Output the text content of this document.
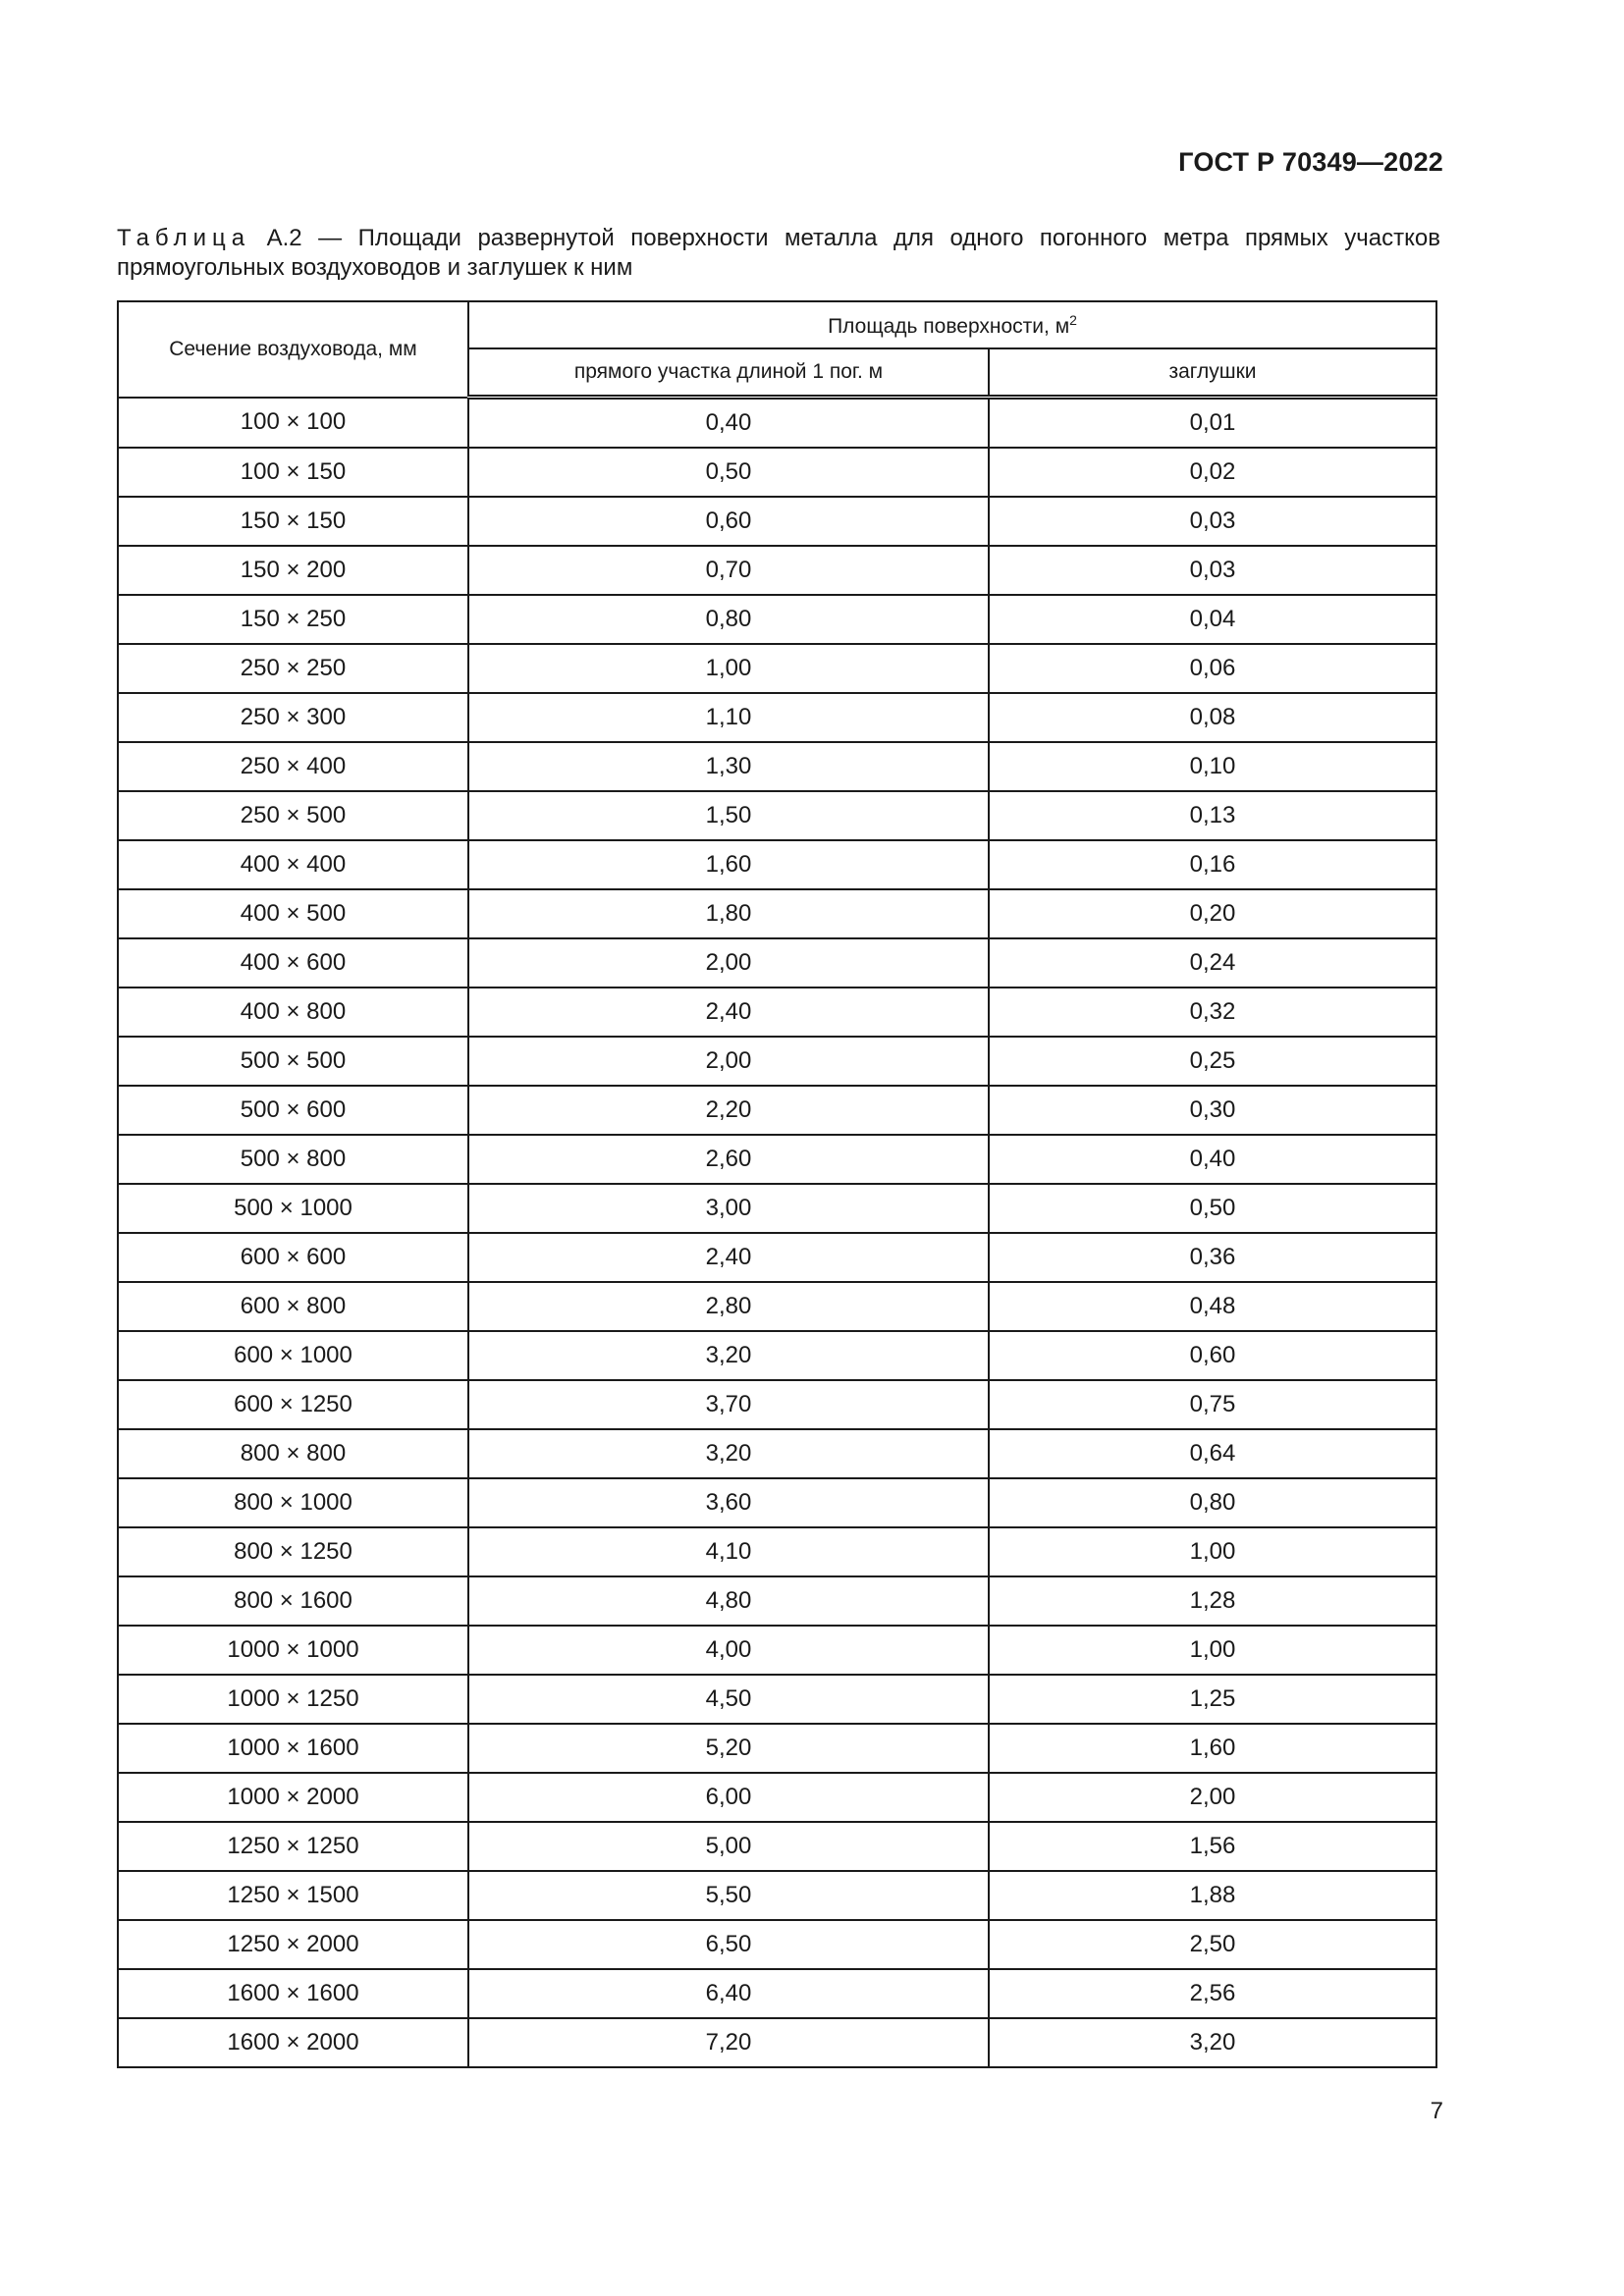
ГОСТ Р 70349—2022
Таблица А.2 — Площади развернутой поверхности металла для одного погонного метра прямых участков прямоугольных воздуховодов и заглушек к ним
Сечение воздуховода, мм	Площадь поверхности, $м^2$
	прямого участка длиной 1 пог. м	заглушки
100 × 100	0,40	0,01
100 × 150	0,50	0,02
150 × 150	0,60	0,03
150 × 200	0,70	0,03
150 × 250	0,80	0,04
250 × 250	1,00	0,06
250 × 300	1,10	0,08
250 × 400	1,30	0,10
250 × 500	1,50	0,13
400 × 400	1,60	0,16
400 × 500	1,80	0,20
400 × 600	2,00	0,24
400 × 800	2,40	0,32
500 × 500	2,00	0,25
500 × 600	2,20	0,30
500 × 800	2,60	0,40
500 × 1000	3,00	0,50
600 × 600	2,40	0,36
600 × 800	2,80	0,48
600 × 1000	3,20	0,60
600 × 1250	3,70	0,75
800 × 800	3,20	0,64
800 × 1000	3,60	0,80
800 × 1250	4,10	1,00
800 × 1600	4,80	1,28
1000 × 1000	4,00	1,00
1000 × 1250	4,50	1,25
1000 × 1600	5,20	1,60
1000 × 2000	6,00	2,00
1250 × 1250	5,00	1,56
1250 × 1500	5,50	1,88
1250 × 2000	6,50	2,50
1600 × 1600	6,40	2,56
1600 × 2000	7,20	3,20
7
